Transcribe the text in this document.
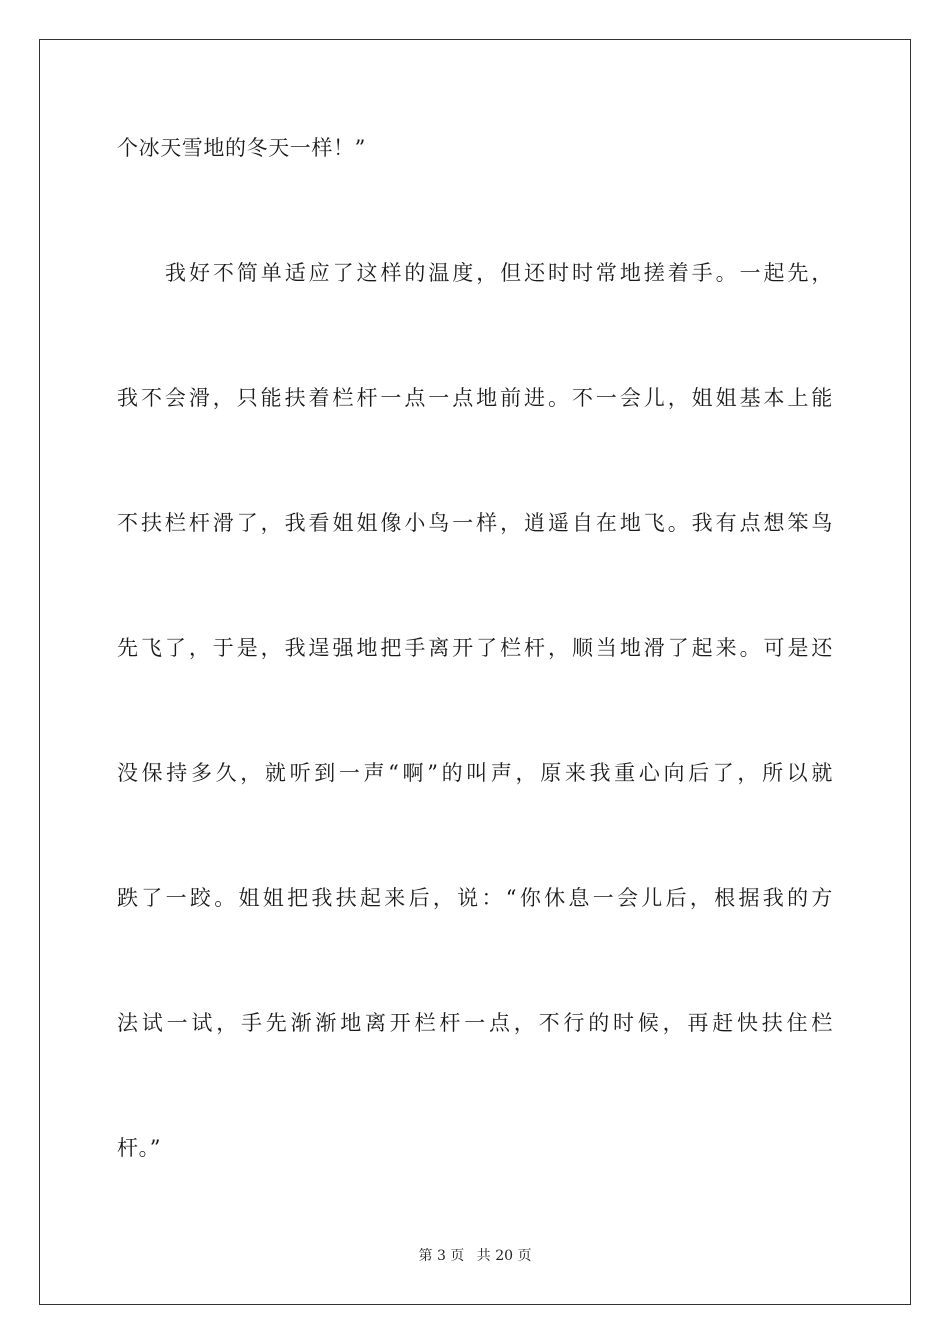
个冰天雪地的冬天一样！”
我好不简单适应了这样的温度，但还时时常地搓着手。一起先，
我不会滑，只能扶着栏杆一点一点地前进。不一会儿，姐姐基本上能
不扶栏杆滑了，我看姐姐像小鸟一样，逍遥自在地飞。我有点想笨鸟
先飞了，于是，我逞强地把手离开了栏杆，顺当地滑了起来。可是还
没保持多久，就听到一声“啊”的叫声，原来我重心向后了，所以就
跌了一跤。姐姐把我扶起来后，说：“你休息一会儿后，根据我的方
法试一试，手先渐渐地离开栏杆一点，不行的时候，再赶快扶住栏
杆。”
第 3 页 共 20 页
